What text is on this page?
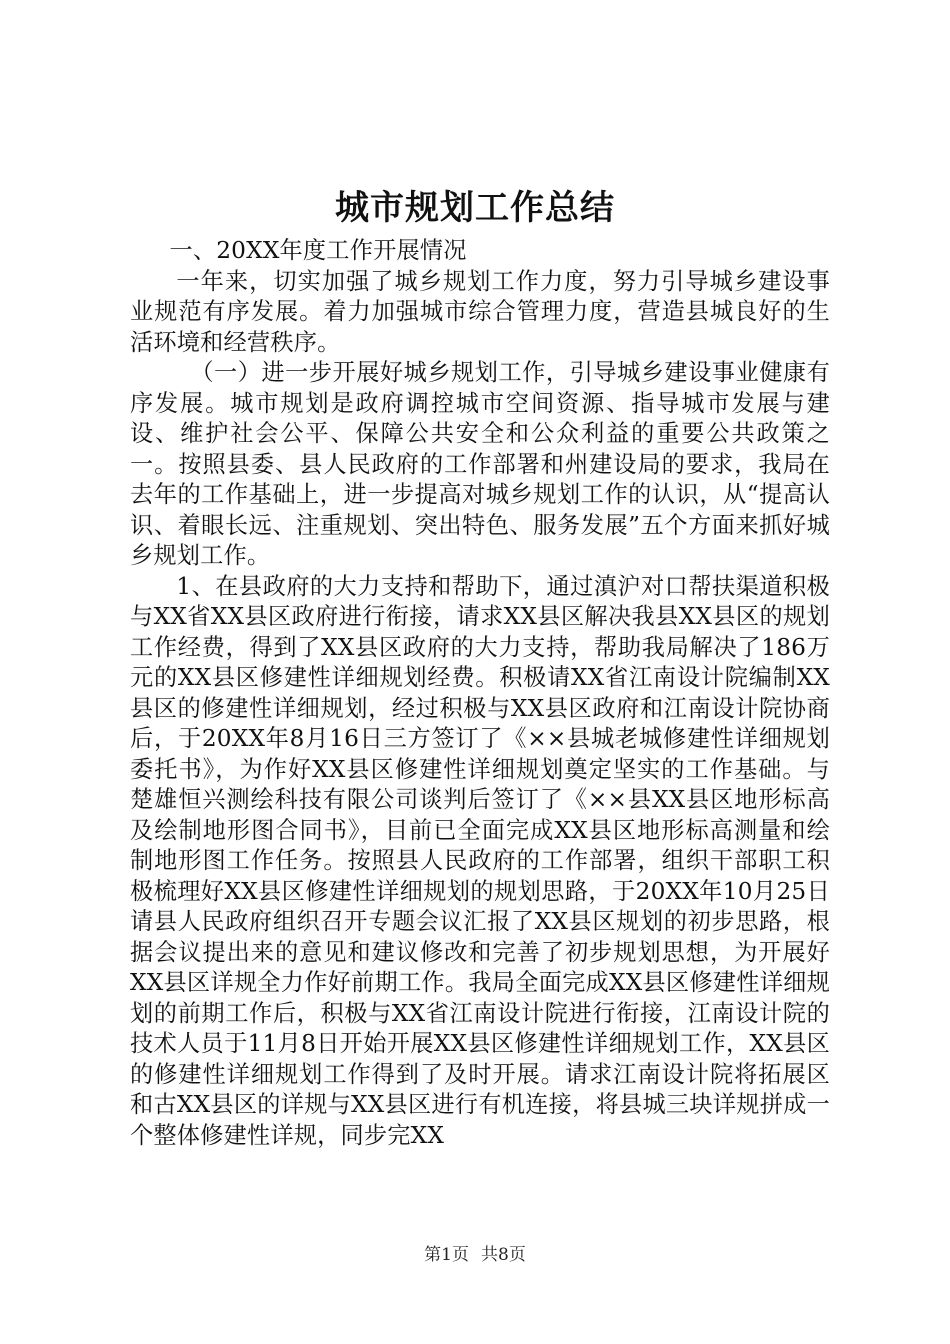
城市规划工作总结

一、20XX年度工作开展情况

一年来，切实加强了城乡规划工作力度，努力引导城乡建设事业规范有序发展。着力加强城市综合管理力度，营造县城良好的生活环境和经营秩序。

（一）进一步开展好城乡规划工作，引导城乡建设事业健康有序发展。城市规划是政府调控城市空间资源、指导城市发展与建设、维护社会公平、保障公共安全和公众利益的重要公共政策之一。按照县委、县人民政府的工作部署和州建设局的要求，我局在去年的工作基础上，进一步提高对城乡规划工作的认识，从“提高认识、着眼长远、注重规划、突出特色、服务发展”五个方面来抓好城乡规划工作。

1、在县政府的大力支持和帮助下，通过滇沪对口帮扶渠道积极与XX省XX县区政府进行衔接，请求XX县区解决我县XX县区的规划工作经费，得到了XX县区政府的大力支持，帮助我局解决了186万元的XX县区修建性详细规划经费。积极请XX省江南设计院编制XX县区的修建性详细规划，经过积极与XX县区政府和江南设计院协商后，于20XX年8月16日三方签订了《××县城老城修建性详细规划委托书》，为作好XX县区修建性详细规划奠定坚实的工作基础。与楚雄恒兴测绘科技有限公司谈判后签订了《××县XX县区地形标高及绘制地形图合同书》，目前已全面完成XX县区地形标高测量和绘制地形图工作任务。按照县人民政府的工作部署，组织干部职工积极梳理好XX县区修建性详细规划的规划思路，于20XX年10月25日请县人民政府组织召开专题会议汇报了XX县区规划的初步思路，根据会议提出来的意见和建议修改和完善了初步规划思想，为开展好XX县区详规全力作好前期工作。我局全面完成XX县区修建性详细规划的前期工作后，积极与XX省江南设计院进行衔接，江南设计院的技术人员于11月8日开始开展XX县区修建性详细规划工作，XX县区的修建性详细规划工作得到了及时开展。请求江南设计院将拓展区和古XX县区的详规与XX县区进行有机连接，将县城三块详规拼成一个整体修建性详规，同步完XX

第1页 共8页
